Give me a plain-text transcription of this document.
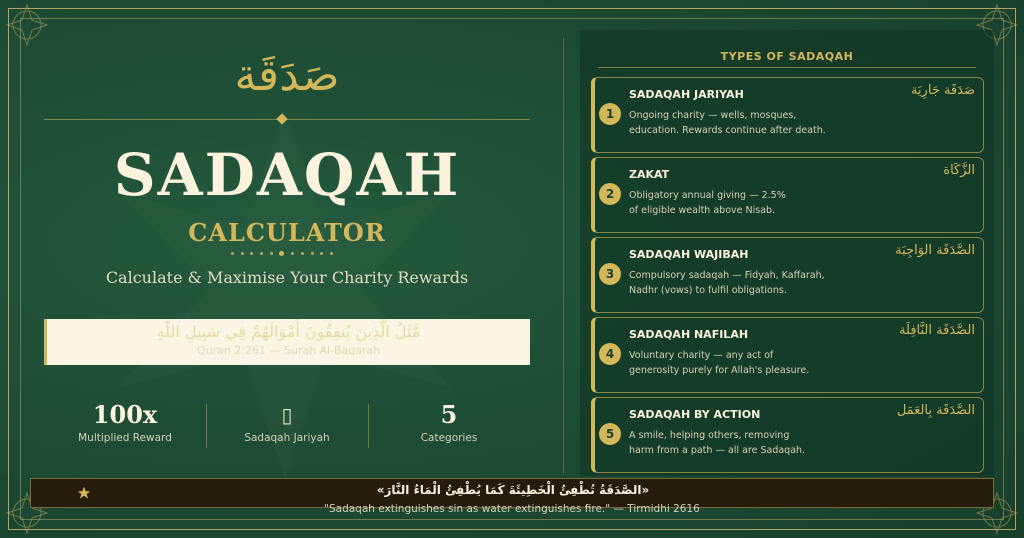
صَدَقَة
SADAQAH
CALCULATOR
Calculate & Maximise Your Charity Rewards
مَّثَلُ الَّذِينَ يُنفِقُونَ أَمْوَالَهُمْ فِي سَبِيلِ اللَّهِ
Quran 2:261 — Surah Al-Baqarah
100x
Multiplied Reward
▯
Sadaqah Jariyah
5
Categories
TYPES OF SADAQAH
1
SADAQAH JARIYAH	صَدَقَة جَارِيَة
Ongoing charity — wells, mosques,
education. Rewards continue after death.
2
ZAKAT	الزَّكَاة
Obligatory annual giving — 2.5%
of eligible wealth above Nisab.
3
SADAQAH WAJIBAH	الصَّدَقَة الوَاجِبَة
Compulsory sadaqah — Fidyah, Kaffarah,
Nadhr (vows) to fulfil obligations.
4
SADAQAH NAFILAH	الصَّدَقَة النَّافِلَة
Voluntary charity — any act of
generosity purely for Allah's pleasure.
5
SADAQAH BY ACTION	الصَّدَقَة بِالعَمَل
A smile, helping others, removing
harm from a path — all are Sadaqah.
«الصَّدَقَةُ تُطْفِئُ الْخَطِيئَةَ كَمَا يُطْفِئُ الْمَاءُ النَّارَ»
"Sadaqah extinguishes sin as water extinguishes fire." — Tirmidhi 2616
